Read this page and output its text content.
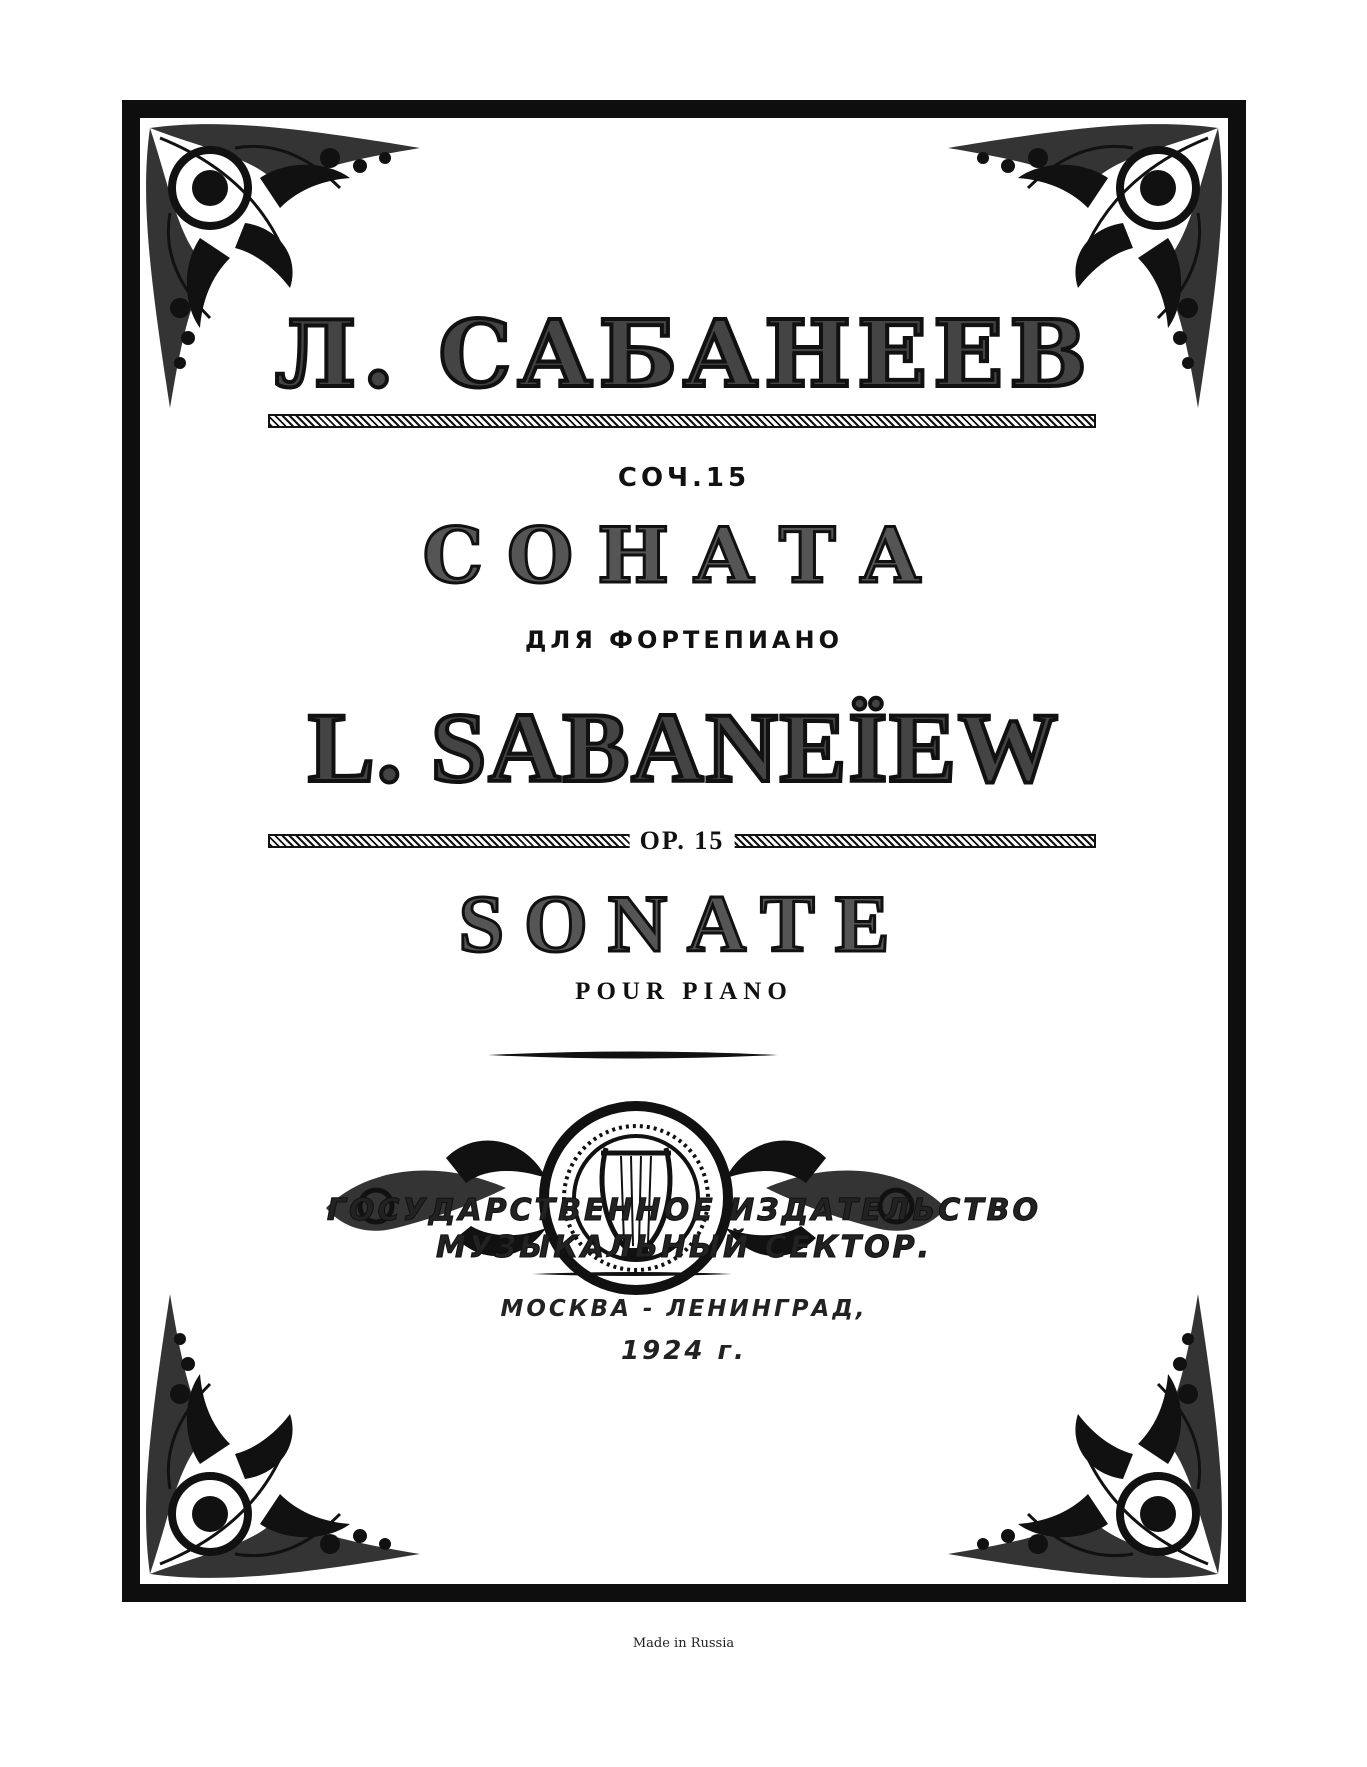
Л. САБАНЕЕВ
СОЧ.15
СОНАТА
ДЛЯ ФОРТЕПИАНО
L. SABANEÏEW
OP. 15
SONATE
POUR PIANO
ГОСУДАРСТВЕННОЕ ИЗДАТЕЛЬСТВО
МУЗЫКАЛЬНЫЙ СЕКТОР.
МОСКВА - ЛЕНИНГРАД,
1924 г.
Made in Russia
